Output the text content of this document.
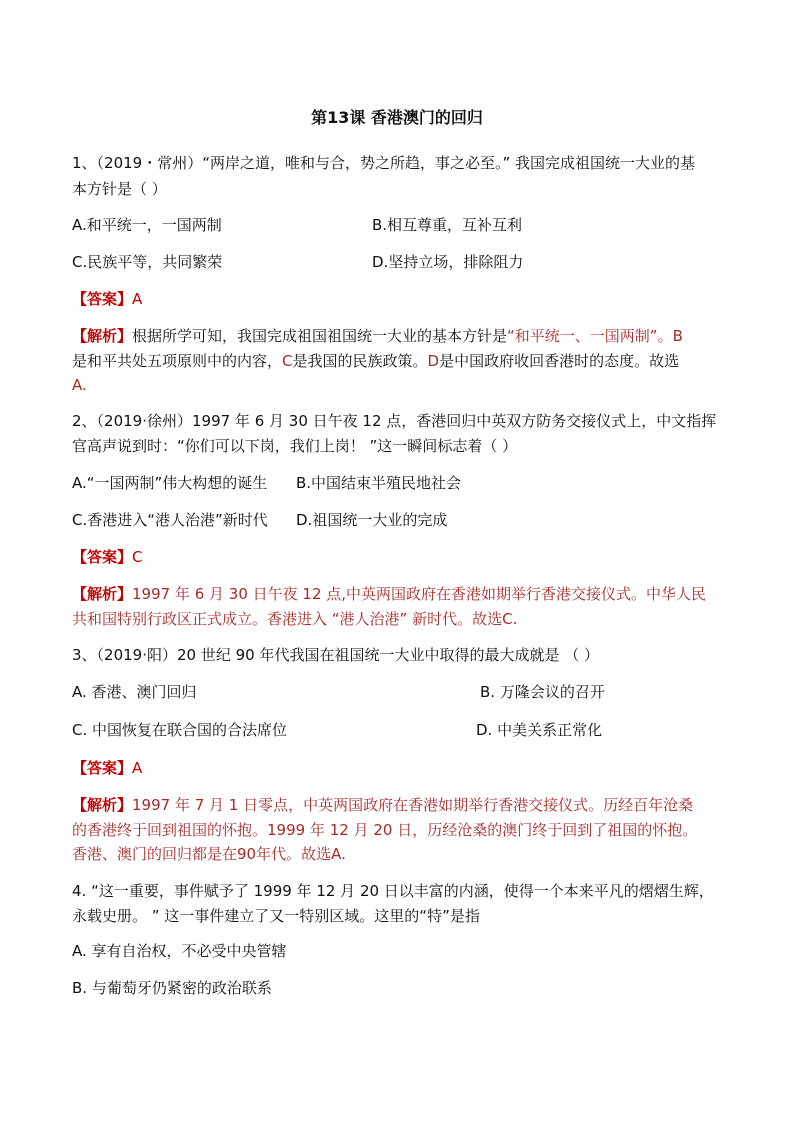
第13课 香港澳门的回归
1、（2019・常州）“两岸之道，唯和与合，势之所趋，事之必至。” 我国完成祖国统一大业的基
本方针是（ ）
A.和平统一，一国两制	B.相互尊重，互补互利
C.民族平等，共同繁荣	D.坚持立场，排除阻力
【答案】A
【解析】根据所学可知，我国完成祖国祖国统一大业的基本方针是“和平统一、一国两制”。B
是和平共处五项原则中的内容，C是我国的民族政策。D是中国政府收回香港时的态度。故选
A.
2、（2019·徐州）1997 年 6 月 30 日午夜 12 点，香港回归中英双方防务交接仪式上，中文指挥
官高声说到时：“你们可以下岗，我们上岗！ ”这一瞬间标志着（ ）
A.“一国两制”伟大构想的诞生 B.中国结束半殖民地社会
C.香港进入“港人治港”新时代 D.祖国统一大业的完成
【答案】C
【解析】1997 年 6 月 30 日午夜 12 点,中英两国政府在香港如期举行香港交接仪式。中华人民
共和国特别行政区正式成立。香港进入 “港人治港” 新时代。故选C.
3、（2019·阳）20 世纪 90 年代我国在祖国统一大业中取得的最大成就是 （ ）
A. 香港、澳门回归	B. 万隆会议的召开
C. 中国恢复在联合国的合法席位	D. 中美关系正常化
【答案】A
【解析】1997 年 7 月 1 日零点，中英两国政府在香港如期举行香港交接仪式。历经百年沧桑
的香港终于回到祖国的怀抱。1999 年 12 月 20 日，历经沧桑的澳门终于回到了祖国的怀抱。
香港、澳门的回归都是在90年代。故选A.
4. “这一重要，事件赋予了 1999 年 12 月 20 日以丰富的内涵，使得一个本来平凡的熠熠生辉，
永载史册。 ” 这一事件建立了又一特别区域。这里的“特”是指
A. 享有自治权，不必受中央管辖
B. 与葡萄牙仍紧密的政治联系
